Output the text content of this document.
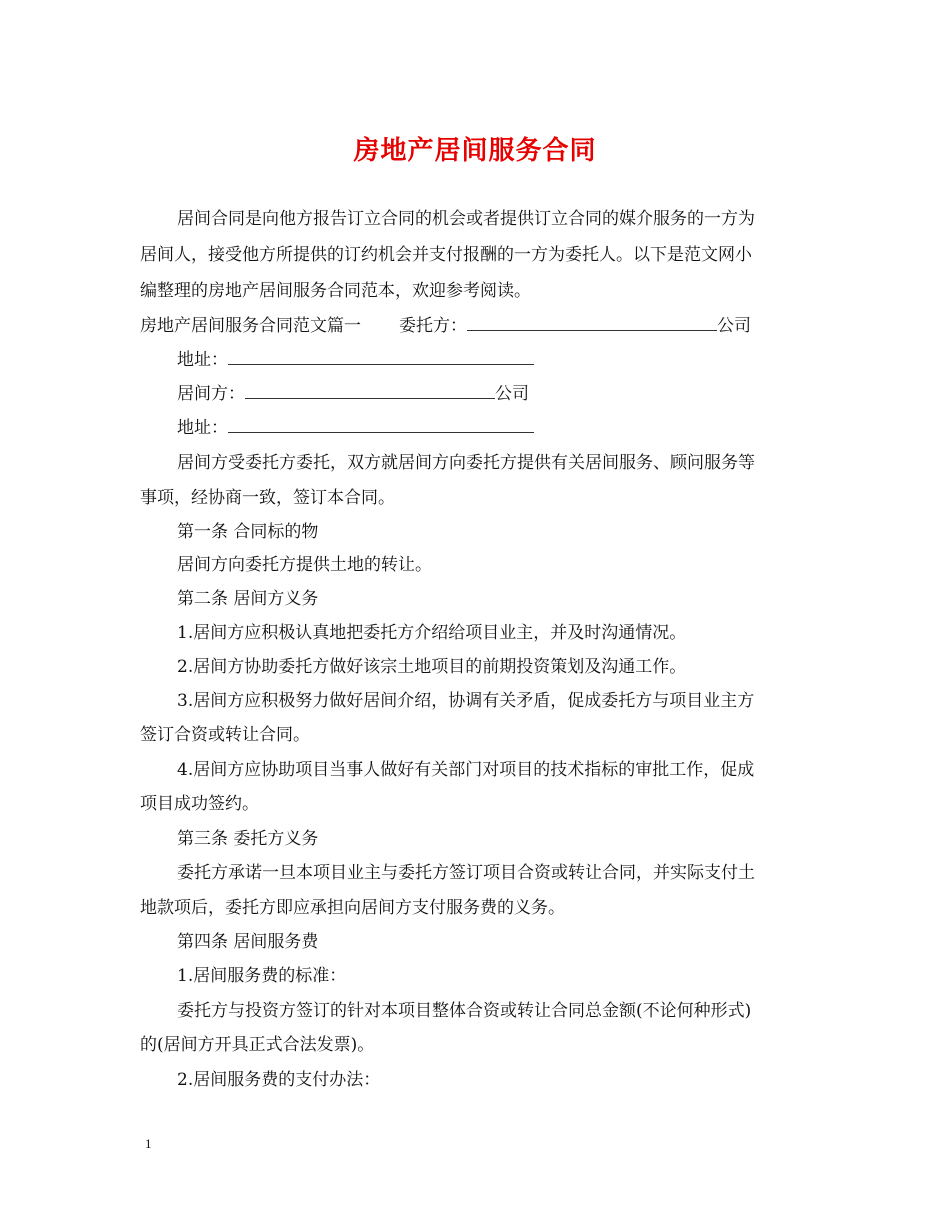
房地产居间服务合同
居间合同是向他方报告订立合同的机会或者提供订立合同的媒介服务的一方为
居间人，接受他方所提供的订约机会并支付报酬的一方为委托人。以下是范文网小
编整理的房地产居间服务合同范本，欢迎参考阅读。
房地产居间服务合同范文篇一 委托方：	公司
地址：
居间方：	公司
地址：
居间方受委托方委托，双方就居间方向委托方提供有关居间服务、顾问服务等
事项，经协商一致，签订本合同。
第一条 合同标的物
居间方向委托方提供土地的转让。
第二条 居间方义务
1.居间方应积极认真地把委托方介绍给项目业主，并及时沟通情况。
2.居间方协助委托方做好该宗土地项目的前期投资策划及沟通工作。
3.居间方应积极努力做好居间介绍，协调有关矛盾，促成委托方与项目业主方
签订合资或转让合同。
4.居间方应协助项目当事人做好有关部门对项目的技术指标的审批工作，促成
项目成功签约。
第三条 委托方义务
委托方承诺一旦本项目业主与委托方签订项目合资或转让合同，并实际支付土
地款项后，委托方即应承担向居间方支付服务费的义务。
第四条 居间服务费
1.居间服务费的标准：
委托方与投资方签订的针对本项目整体合资或转让合同总金额(不论何种形式)
的(居间方开具正式合法发票)。
2.居间服务费的支付办法：
1
